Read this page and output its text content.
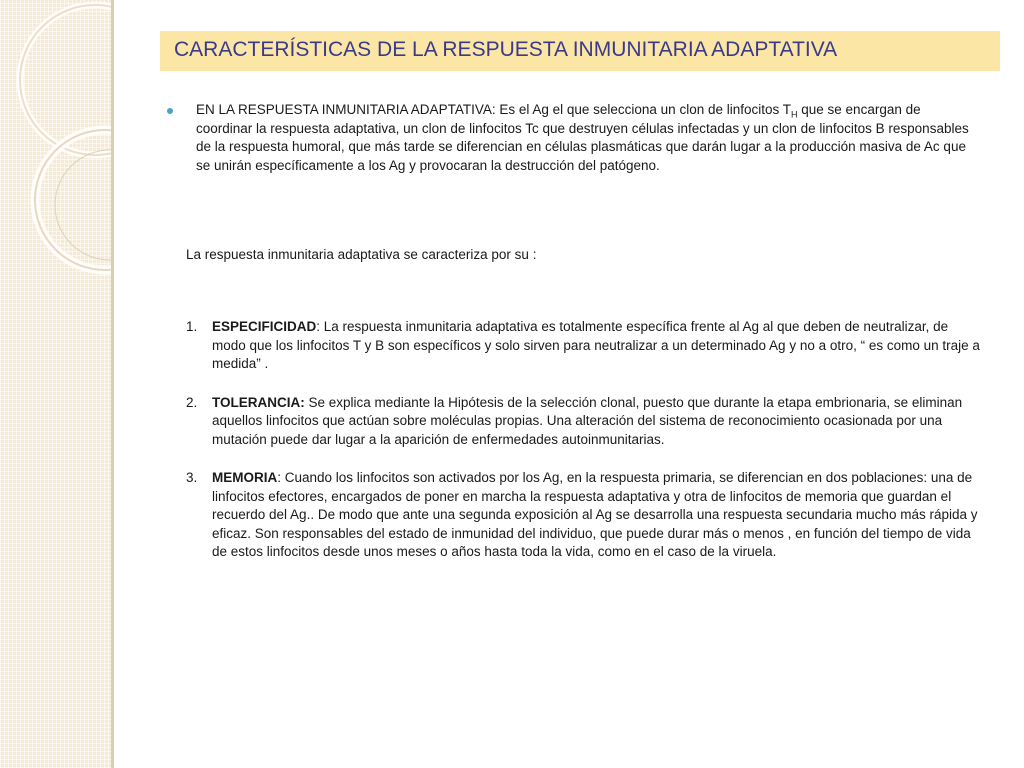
CARACTERÍSTICAS DE LA RESPUESTA INMUNITARIA ADAPTATIVA
EN LA RESPUESTA INMUNITARIA ADAPTATIVA: Es el Ag el que selecciona un clon de linfocitos $T_H$ que se encargan de coordinar la respuesta adaptativa, un clon de linfocitos Tc que destruyen células infectadas y un clon de linfocitos B responsables de la respuesta humoral, que más tarde se diferencian en células plasmáticas que darán lugar a la producción masiva de Ac que se unirán específicamente a los Ag y provocaran la destrucción del patógeno.
La respuesta inmunitaria adaptativa se caracteriza por su :
1. ESPECIFICIDAD: La respuesta inmunitaria adaptativa es totalmente específica frente al Ag al que deben de neutralizar, de modo que los linfocitos T y B son específicos y solo sirven para neutralizar a un determinado Ag y no a otro, “ es como un traje a medida” .
2. TOLERANCIA: Se explica mediante la Hipótesis de la selección clonal, puesto que durante la etapa embrionaria, se eliminan aquellos linfocitos que actúan sobre moléculas propias. Una alteración del sistema de reconocimiento ocasionada por una mutación puede dar lugar a la aparición de enfermedades autoinmunitarias.
3. MEMORIA: Cuando los linfocitos son activados por los Ag, en la respuesta primaria, se diferencian en dos poblaciones: una de linfocitos efectores, encargados de poner en marcha la respuesta adaptativa y otra de linfocitos de memoria que guardan el recuerdo del Ag.. De modo que ante una segunda exposición al Ag se desarrolla una respuesta secundaria mucho más rápida y eficaz. Son responsables del estado de inmunidad del individuo, que puede durar más o menos , en función del tiempo de vida de estos linfocitos desde unos meses o años hasta toda la vida, como en el caso de la viruela.
